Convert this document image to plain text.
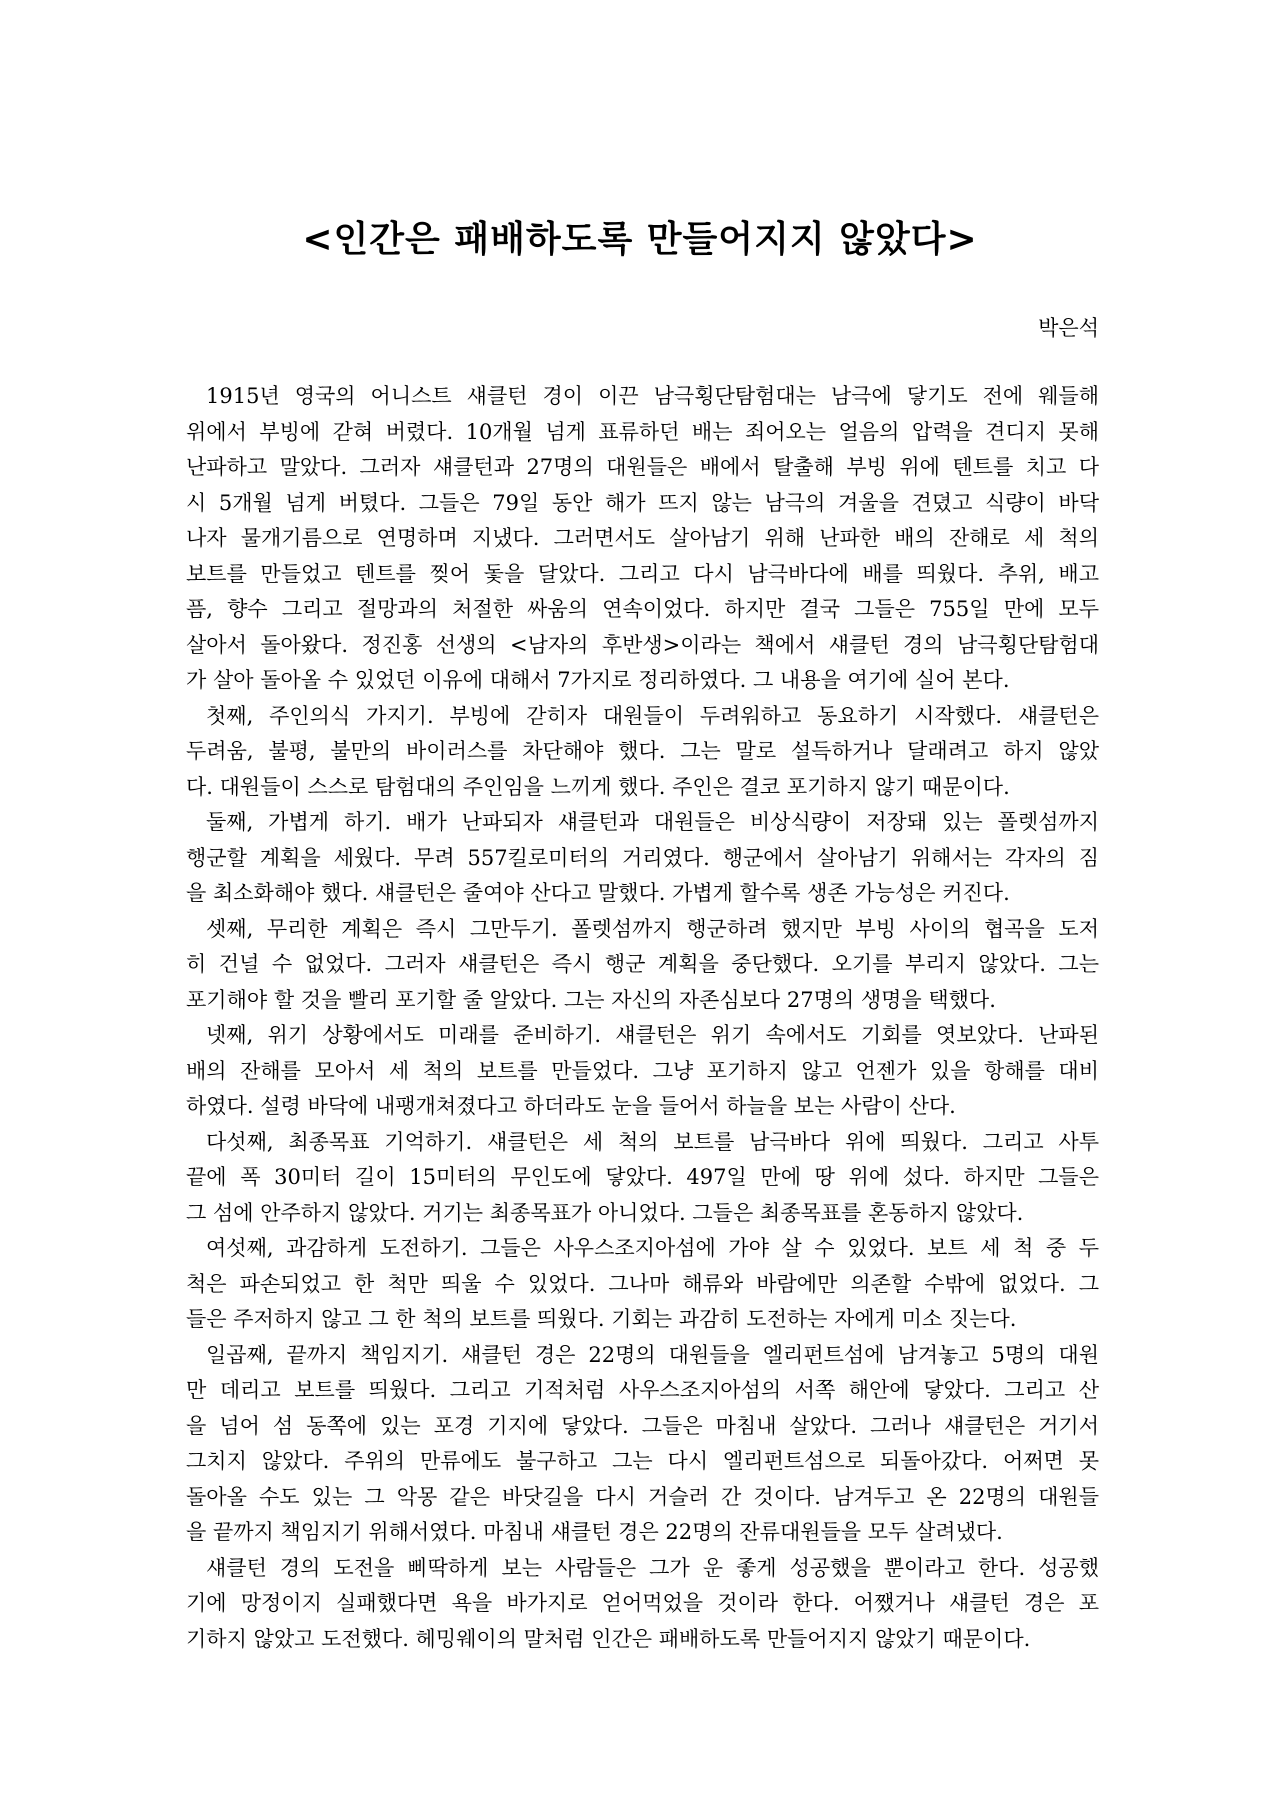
<인간은 패배하도록 만들어지지 않았다>
박은석
1915년 영국의 어니스트 섀클턴 경이 이끈 남극횡단탐험대는 남극에 닿기도 전에 웨들해
위에서 부빙에 갇혀 버렸다. 10개월 넘게 표류하던 배는 죄어오는 얼음의 압력을 견디지 못해
난파하고 말았다. 그러자 섀클턴과 27명의 대원들은 배에서 탈출해 부빙 위에 텐트를 치고 다
시 5개월 넘게 버텼다. 그들은 79일 동안 해가 뜨지 않는 남극의 겨울을 견뎠고 식량이 바닥
나자 물개기름으로 연명하며 지냈다. 그러면서도 살아남기 위해 난파한 배의 잔해로 세 척의
보트를 만들었고 텐트를 찢어 돛을 달았다. 그리고 다시 남극바다에 배를 띄웠다. 추위, 배고
픔, 향수 그리고 절망과의 처절한 싸움의 연속이었다. 하지만 결국 그들은 755일 만에 모두
살아서 돌아왔다. 정진홍 선생의 <남자의 후반생>이라는 책에서 섀클턴 경의 남극횡단탐험대
가 살아 돌아올 수 있었던 이유에 대해서 7가지로 정리하였다. 그 내용을 여기에 실어 본다.
첫째, 주인의식 가지기. 부빙에 갇히자 대원들이 두려워하고 동요하기 시작했다. 섀클턴은
두려움, 불평, 불만의 바이러스를 차단해야 했다. 그는 말로 설득하거나 달래려고 하지 않았
다. 대원들이 스스로 탐험대의 주인임을 느끼게 했다. 주인은 결코 포기하지 않기 때문이다.
둘째, 가볍게 하기. 배가 난파되자 섀클턴과 대원들은 비상식량이 저장돼 있는 폴렛섬까지
행군할 계획을 세웠다. 무려 557킬로미터의 거리였다. 행군에서 살아남기 위해서는 각자의 짐
을 최소화해야 했다. 섀클턴은 줄여야 산다고 말했다. 가볍게 할수록 생존 가능성은 커진다.
셋째, 무리한 계획은 즉시 그만두기. 폴렛섬까지 행군하려 했지만 부빙 사이의 협곡을 도저
히 건널 수 없었다. 그러자 섀클턴은 즉시 행군 계획을 중단했다. 오기를 부리지 않았다. 그는
포기해야 할 것을 빨리 포기할 줄 알았다. 그는 자신의 자존심보다 27명의 생명을 택했다.
넷째, 위기 상황에서도 미래를 준비하기. 섀클턴은 위기 속에서도 기회를 엿보았다. 난파된
배의 잔해를 모아서 세 척의 보트를 만들었다. 그냥 포기하지 않고 언젠가 있을 항해를 대비
하였다. 설령 바닥에 내팽개쳐졌다고 하더라도 눈을 들어서 하늘을 보는 사람이 산다.
다섯째, 최종목표 기억하기. 섀클턴은 세 척의 보트를 남극바다 위에 띄웠다. 그리고 사투
끝에 폭 30미터 길이 15미터의 무인도에 닿았다. 497일 만에 땅 위에 섰다. 하지만 그들은
그 섬에 안주하지 않았다. 거기는 최종목표가 아니었다. 그들은 최종목표를 혼동하지 않았다.
여섯째, 과감하게 도전하기. 그들은 사우스조지아섬에 가야 살 수 있었다. 보트 세 척 중 두
척은 파손되었고 한 척만 띄울 수 있었다. 그나마 해류와 바람에만 의존할 수밖에 없었다. 그
들은 주저하지 않고 그 한 척의 보트를 띄웠다. 기회는 과감히 도전하는 자에게 미소 짓는다.
일곱째, 끝까지 책임지기. 섀클턴 경은 22명의 대원들을 엘리펀트섬에 남겨놓고 5명의 대원
만 데리고 보트를 띄웠다. 그리고 기적처럼 사우스조지아섬의 서쪽 해안에 닿았다. 그리고 산
을 넘어 섬 동쪽에 있는 포경 기지에 닿았다. 그들은 마침내 살았다. 그러나 섀클턴은 거기서
그치지 않았다. 주위의 만류에도 불구하고 그는 다시 엘리펀트섬으로 되돌아갔다. 어쩌면 못
돌아올 수도 있는 그 악몽 같은 바닷길을 다시 거슬러 간 것이다. 남겨두고 온 22명의 대원들
을 끝까지 책임지기 위해서였다. 마침내 섀클턴 경은 22명의 잔류대원들을 모두 살려냈다.
섀클턴 경의 도전을 삐딱하게 보는 사람들은 그가 운 좋게 성공했을 뿐이라고 한다. 성공했
기에 망정이지 실패했다면 욕을 바가지로 얻어먹었을 것이라 한다. 어쨌거나 섀클턴 경은 포
기하지 않았고 도전했다. 헤밍웨이의 말처럼 인간은 패배하도록 만들어지지 않았기 때문이다.
